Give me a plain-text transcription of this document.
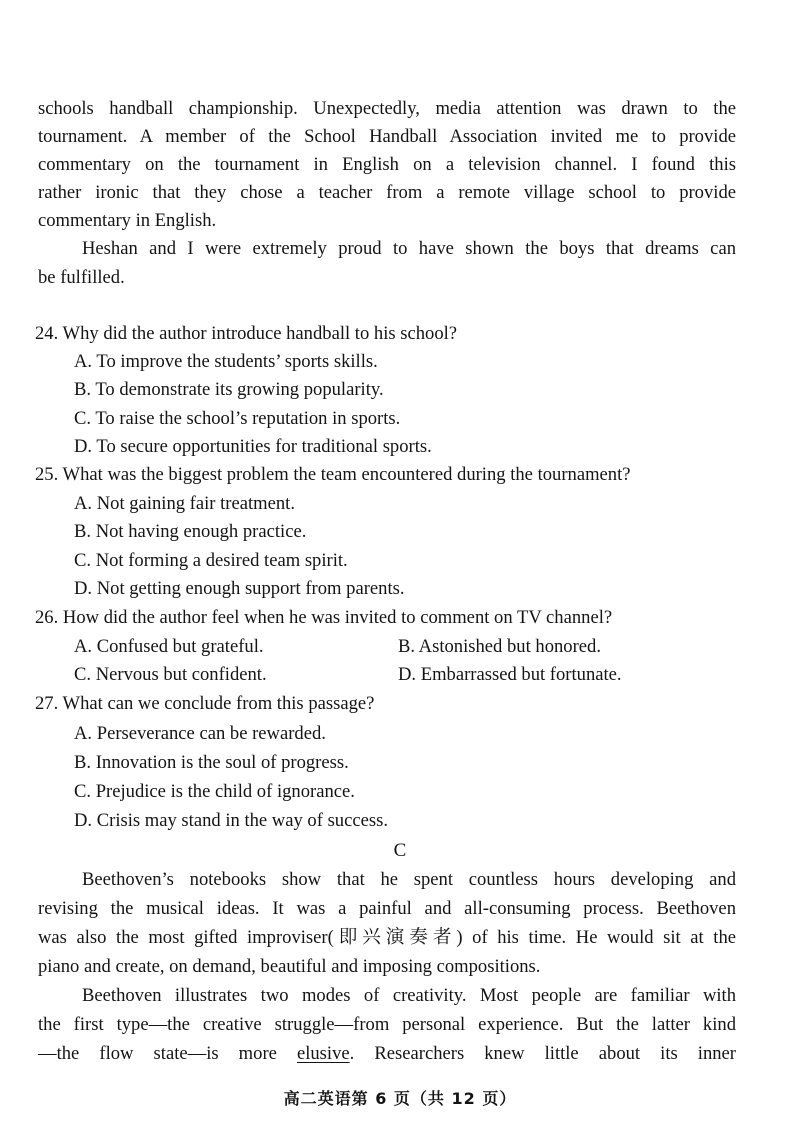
schools handball championship. Unexpectedly, media attention was drawn to the
tournament. A member of the School Handball Association invited me to provide
commentary on the tournament in English on a television channel. I found this
rather ironic that they chose a teacher from a remote village school to provide
commentary in English.
Heshan and I were extremely proud to have shown the boys that dreams can
be fulfilled.
24. Why did the author introduce handball to his school?
A. To improve the students’ sports skills.
B. To demonstrate its growing popularity.
C. To raise the school’s reputation in sports.
D. To secure opportunities for traditional sports.
25. What was the biggest problem the team encountered during the tournament?
A. Not gaining fair treatment.
B. Not having enough practice.
C. Not forming a desired team spirit.
D. Not getting enough support from parents.
26. How did the author feel when he was invited to comment on TV channel?
A. Confused but grateful.	B. Astonished but honored.
C. Nervous but confident.	D. Embarrassed but fortunate.
27. What can we conclude from this passage?
A. Perseverance can be rewarded.
B. Innovation is the soul of progress.
C. Prejudice is the child of ignorance.
D. Crisis may stand in the way of success.
C
Beethoven’s notebooks show that he spent countless hours developing and
revising the musical ideas. It was a painful and all-consuming process. Beethoven
was also the most gifted improviser(即兴演奏者) of his time. He would sit at the
piano and create, on demand, beautiful and imposing compositions.
Beethoven illustrates two modes of creativity. Most people are familiar with
the first type—the creative struggle—from personal experience. But the latter kind
—the flow state—is more elusive. Researchers knew little about its inner
高二英语第 6 页（共 12 页）
